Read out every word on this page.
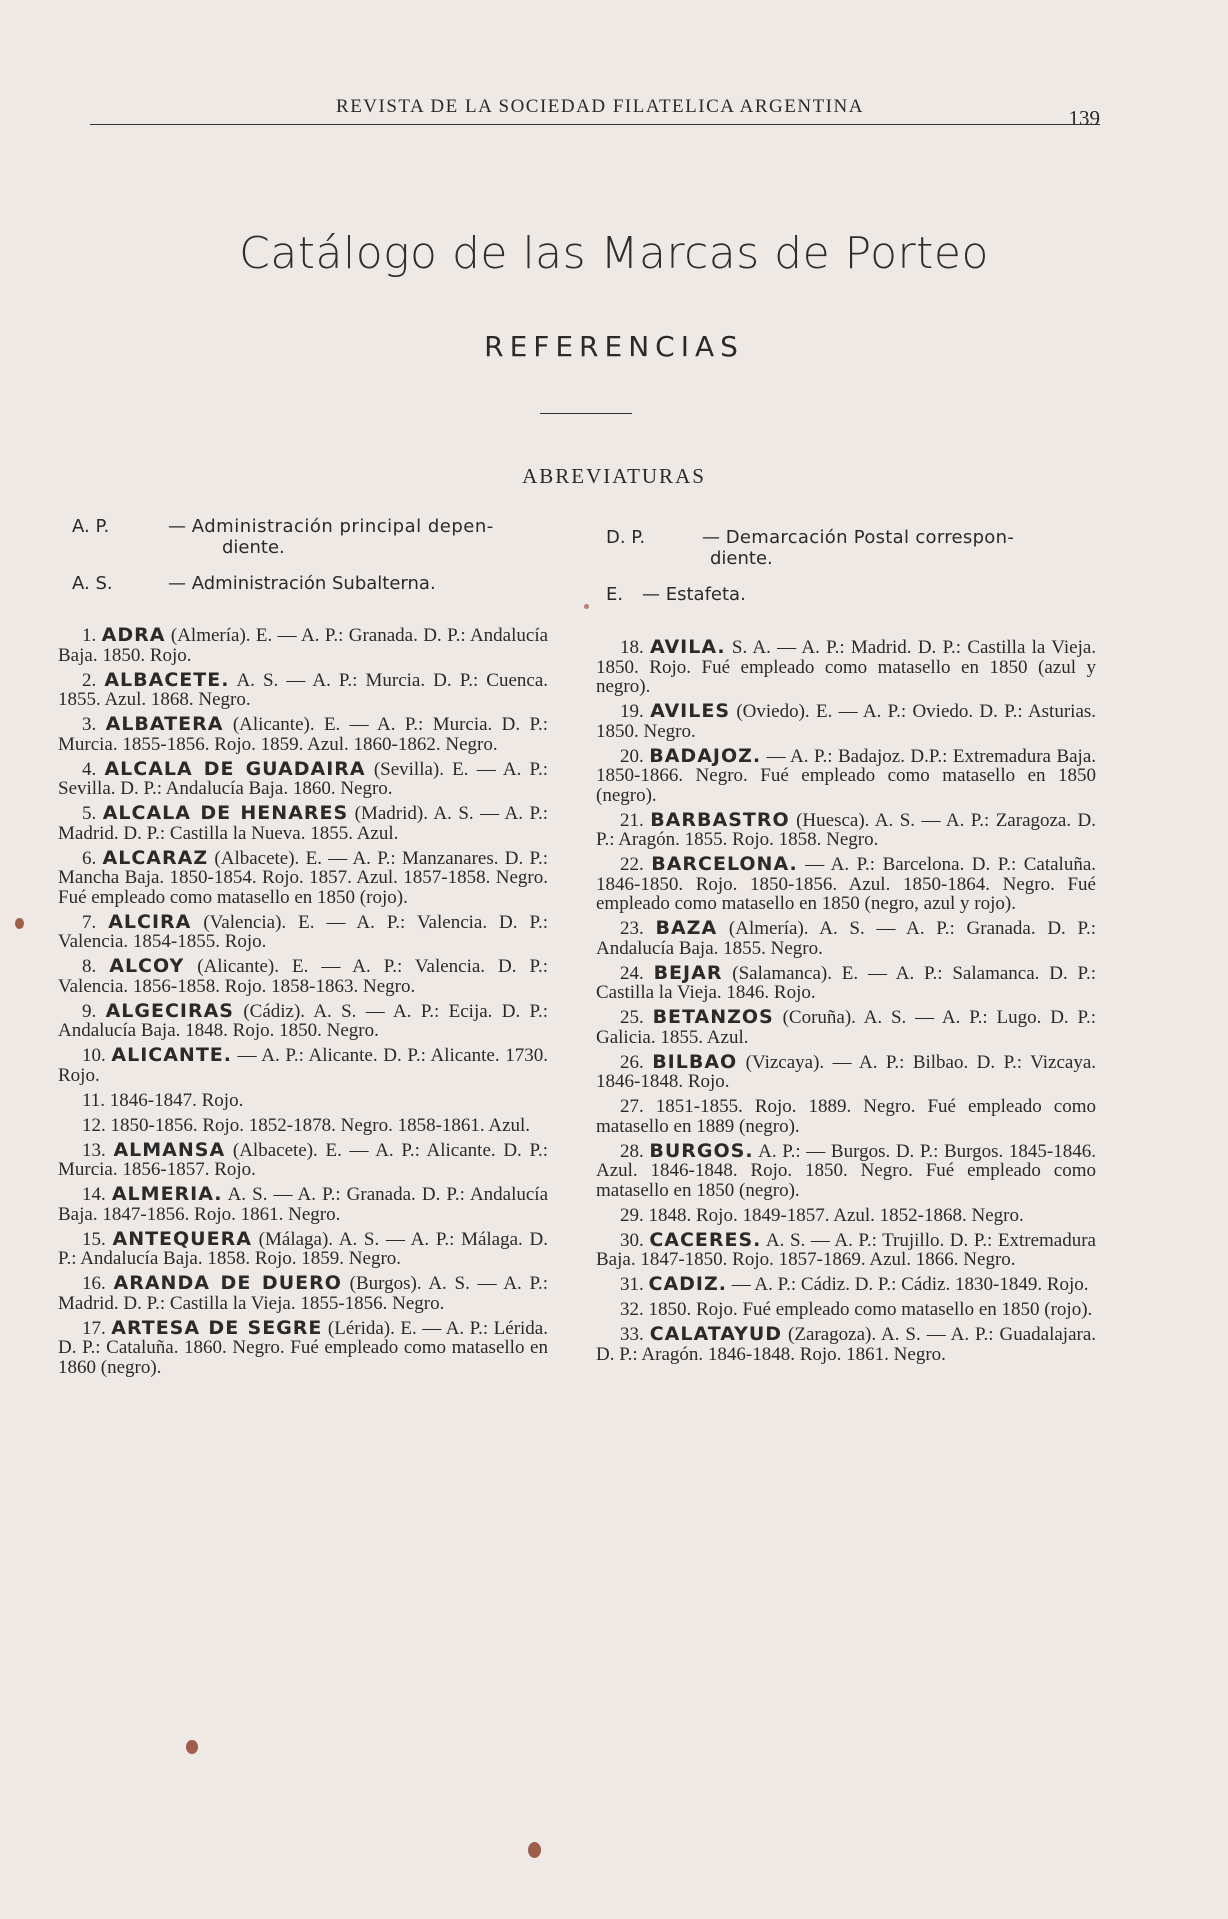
REVISTA DE LA SOCIEDAD FILATELICA ARGENTINA	139
Catálogo de las Marcas de Porteo
REFERENCIAS
ABREVIATURAS
A. P.	— Administración principal depen-
diente.
A. S.	— Administración Subalterna.
D. P.	— Demarcación Postal correspon-
diente.
E. — Estafeta.

1. ADRA (Almería). E. — A. P.: Granada. D. P.: Andalucía Baja. 1850. Rojo.

2. ALBACETE. A. S. — A. P.: Murcia. D. P.: Cuenca. 1855. Azul. 1868. Negro.

3. ALBATERA (Alicante). E. — A. P.: Murcia. D. P.: Murcia. 1855-1856. Rojo. 1859. Azul. 1860-1862. Negro.

4. ALCALA DE GUADAIRA (Sevilla). E. — A. P.: Sevilla. D. P.: Andalucía Baja. 1860. Negro.

5. ALCALA DE HENARES (Madrid). A. S. — A. P.: Madrid. D. P.: Castilla la Nueva. 1855. Azul.

6. ALCARAZ (Albacete). E. — A. P.: Manzanares. D. P.: Mancha Baja. 1850-1854. Rojo. 1857. Azul. 1857-1858. Negro. Fué empleado como matasello en 1850 (rojo).

7. ALCIRA (Valencia). E. — A. P.: Valencia. D. P.: Valencia. 1854-1855. Rojo.

8. ALCOY (Alicante). E. — A. P.: Valencia. D. P.: Valencia. 1856-1858. Rojo. 1858-1863. Negro.

9. ALGECIRAS (Cádiz). A. S. — A. P.: Ecija. D. P.: Andalucía Baja. 1848. Rojo. 1850. Negro.

10. ALICANTE. — A. P.: Alicante. D. P.: Alicante. 1730. Rojo.

11. 1846-1847. Rojo.

12. 1850-1856. Rojo. 1852-1878. Negro. 1858-1861. Azul.

13. ALMANSA (Albacete). E. — A. P.: Alicante. D. P.: Murcia. 1856-1857. Rojo.

14. ALMERIA. A. S. — A. P.: Granada. D. P.: Andalucía Baja. 1847-1856. Rojo. 1861. Negro.

15. ANTEQUERA (Málaga). A. S. — A. P.: Málaga. D. P.: Andalucía Baja. 1858. Rojo. 1859. Negro.

16. ARANDA DE DUERO (Burgos). A. S. — A. P.: Madrid. D. P.: Castilla la Vieja. 1855-1856. Negro.

17. ARTESA DE SEGRE (Lérida). E. — A. P.: Lérida. D. P.: Cataluña. 1860. Negro. Fué empleado como matasello en 1860 (negro).

18. AVILA. S. A. — A. P.: Madrid. D. P.: Castilla la Vieja. 1850. Rojo. Fué empleado como matasello en 1850 (azul y negro).

19. AVILES (Oviedo). E. — A. P.: Oviedo. D. P.: Asturias. 1850. Negro.

20. BADAJOZ. — A. P.: Badajoz. D.P.: Extremadura Baja. 1850-1866. Negro. Fué empleado como matasello en 1850 (negro).

21. BARBASTRO (Huesca). A. S. — A. P.: Zaragoza. D. P.: Aragón. 1855. Rojo. 1858. Negro.

22. BARCELONA. — A. P.: Barcelona. D. P.: Cataluña. 1846-1850. Rojo. 1850-1856. Azul. 1850-1864. Negro. Fué empleado como matasello en 1850 (negro, azul y rojo).

23. BAZA (Almería). A. S. — A. P.: Granada. D. P.: Andalucía Baja. 1855. Negro.

24. BEJAR (Salamanca). E. — A. P.: Salamanca. D. P.: Castilla la Vieja. 1846. Rojo.

25. BETANZOS (Coruña). A. S. — A. P.: Lugo. D. P.: Galicia. 1855. Azul.

26. BILBAO (Vizcaya). — A. P.: Bilbao. D. P.: Vizcaya. 1846-1848. Rojo.

27. 1851-1855. Rojo. 1889. Negro. Fué empleado como matasello en 1889 (negro).

28. BURGOS. A. P.: — Burgos. D. P.: Burgos. 1845-1846. Azul. 1846-1848. Rojo. 1850. Negro. Fué empleado como matasello en 1850 (negro).

29. 1848. Rojo. 1849-1857. Azul. 1852-1868. Negro.

30. CACERES. A. S. — A. P.: Trujillo. D. P.: Extremadura Baja. 1847-1850. Rojo. 1857-1869. Azul. 1866. Negro.

31. CADIZ. — A. P.: Cádiz. D. P.: Cádiz. 1830-1849. Rojo.

32. 1850. Rojo. Fué empleado como matasello en 1850 (rojo).

33. CALATAYUD (Zaragoza). A. S. — A. P.: Guadalajara. D. P.: Aragón. 1846-1848. Rojo. 1861. Negro.
